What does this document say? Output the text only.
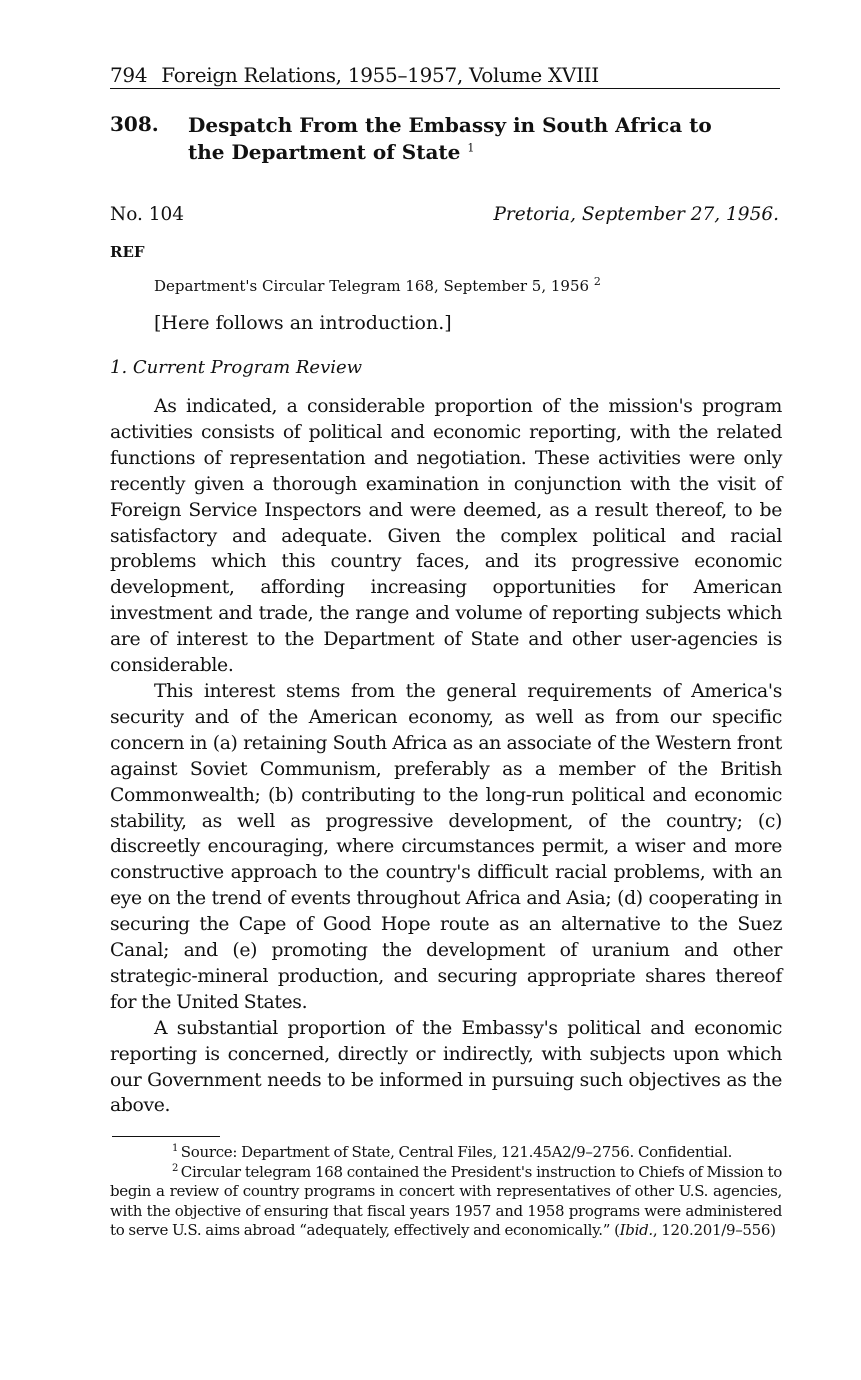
794 Foreign Relations, 1955–1957, Volume XVIII
308. Despatch From the Embassy in South Africa to the Department of State $^1$
No. 104	Pretoria, September 27, 1956.
REF
Department's Circular Telegram 168, September 5, 1956 $^2$
[Here follows an introduction.]
1. Current Program Review

As indicated, a considerable proportion of the mission's program activities consists of political and economic reporting, with the related functions of representation and negotiation. These activities were only recently given a thorough examination in conjunction with the visit of Foreign Service Inspectors and were deemed, as a result thereof, to be satisfactory and adequate. Given the complex political and racial problems which this country faces, and its progressive economic development, affording increasing opportunities for American investment and trade, the range and volume of reporting subjects which are of interest to the Department of State and other user-agencies is considerable.

This interest stems from the general requirements of America's security and of the American economy, as well as from our specific concern in (a) retaining South Africa as an associate of the Western front against Soviet Communism, preferably as a member of the British Commonwealth; (b) contributing to the long-run political and economic stability, as well as progressive development, of the country; (c) discreetly encouraging, where circumstances permit, a wiser and more constructive approach to the country's difficult racial problems, with an eye on the trend of events throughout Africa and Asia; (d) cooperating in securing the Cape of Good Hope route as an alternative to the Suez Canal; and (e) promoting the development of uranium and other strategic-mineral production, and securing appropriate shares thereof for the United States.

A substantial proportion of the Embassy's political and economic reporting is concerned, directly or indirectly, with subjects upon which our Government needs to be informed in pursuing such objectives as the above.

$^1$  Source: Department of State, Central Files, 121.45A2/9–2756. Confidential.

$^2$  Circular telegram 168 contained the President's instruction to Chiefs of Mission to begin a review of country programs in concert with representatives of other U.S. agencies, with the objective of ensuring that fiscal years 1957 and 1958 programs were administered to serve U.S. aims abroad “adequately, effectively and economically.” (Ibid., 120.201/9–556)
